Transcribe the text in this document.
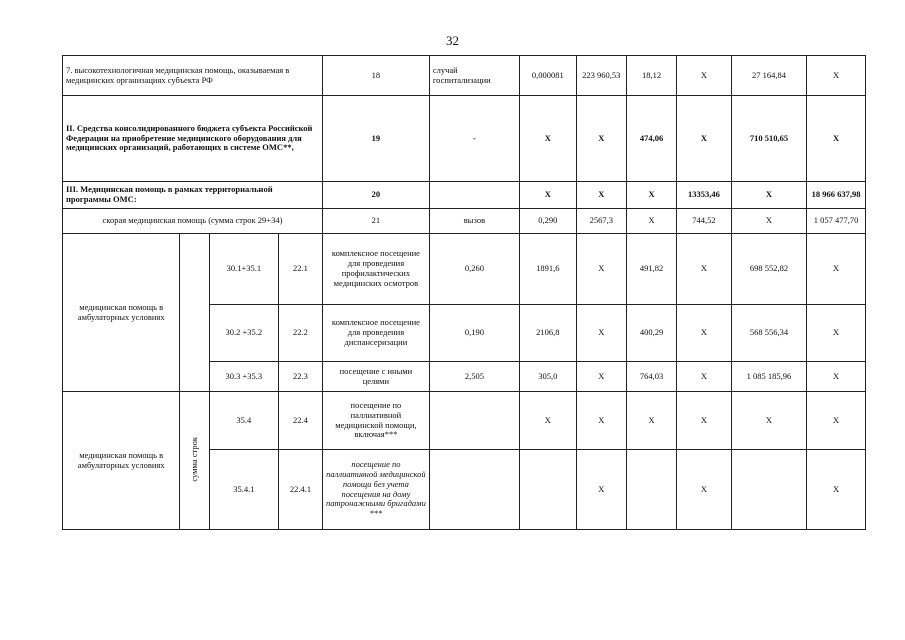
32
7. высокотехнологичная медицинская помощь, оказываемая в медицинских организациях субъекта РФ				18	случай госпитализации	0,000081	223 960,53	18,12	X	27 164,84	X
II. Средства консолидированного бюджета субъекта Российской Федерации на приобретение медицинского оборудования для медицинских организаций, работающих в системе ОМС**,				19	-	X	X	474,06	X	710 510,65	X
III. Медицинская помощь в рамках территориальной программы ОМС:				20		X	X	X	13353,46	X	18 966 637,98
скорая медицинская помощь (сумма строк 29+34)				21	вызов	0,290	2567,3	X	744,52	X	1 057 477,70
медицинская помощь в амбулаторных условиях		30.1+35.1	22.1	комплексное посещение для проведения профилактических медицинских осмотров	0,260	1891,6	X	491,82	X	698 552,82	X
		30.2 +35.2	22.2	комплексное посещение для проведения диспансеризации	0,190	2106,8	X	400,29	X	568 556,34	X
		30.3 +35.3	22.3	посещение с иными целями	2,505	305,0	X	764,03	X	1 085 185,96	X
медицинская помощь в амбулаторных условиях	сумма строк	35.4	22.4	посещение по паллиативной медицинской помощи, включая***		X	X	X	X	X	X
		35.4.1	22.4.1	посещение по паллиативной медицинской помощи без учета посещения на дому патронажными бригадами ***			X		X		X
